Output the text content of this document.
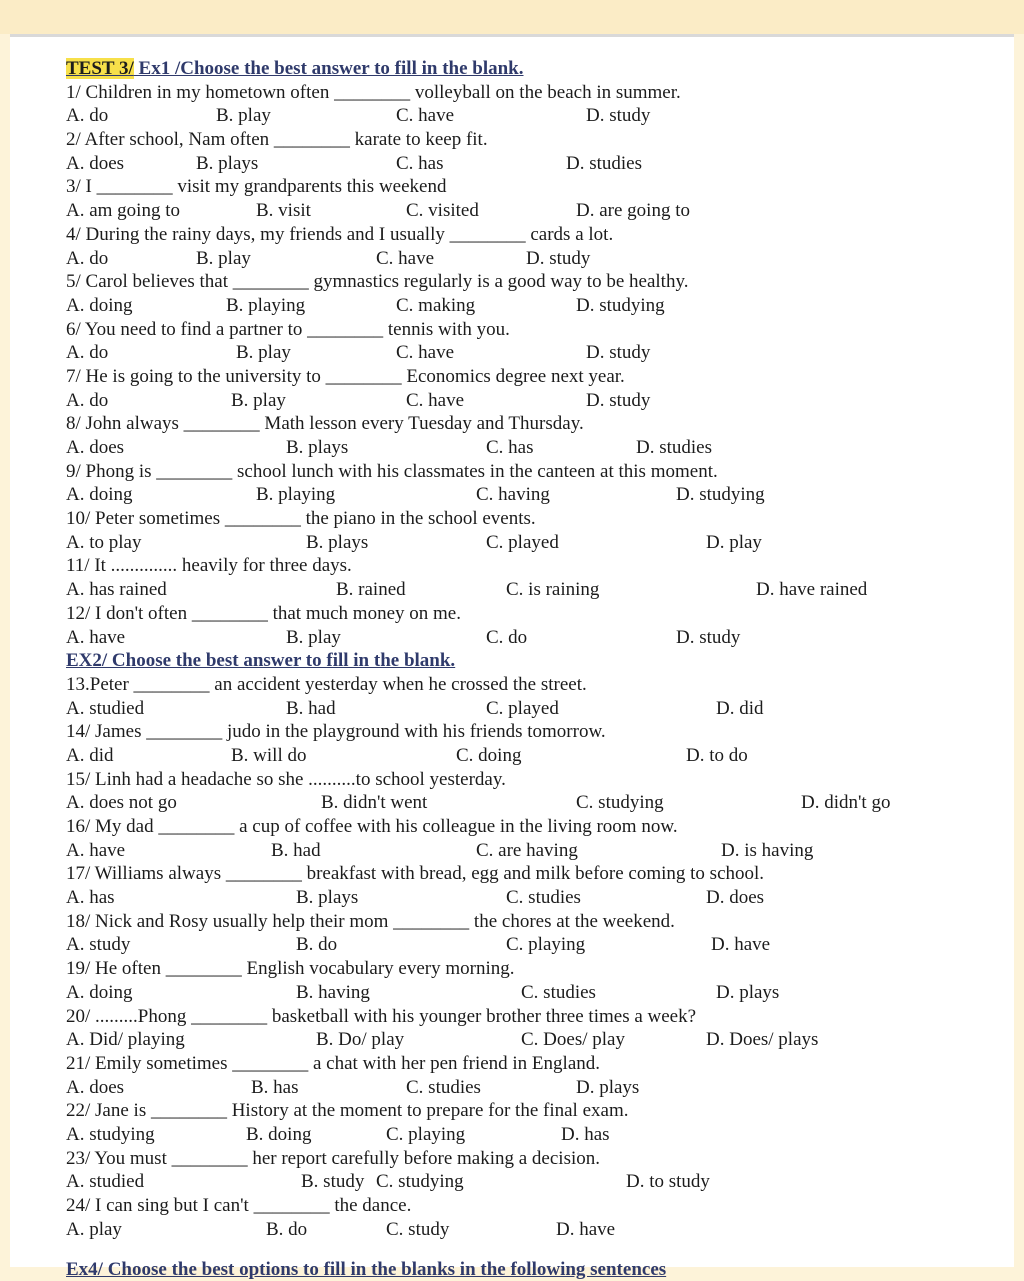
TEST 3/ Ex1 /Choose the best answer to fill in the blank.
1/ Children in my hometown often ________ volleyball on the beach in summer.
A. do	B. play	C. have	D. study
2/ After school, Nam often ________ karate to keep fit.
A. does	B. plays	C. has	D. studies
3/ I ________ visit my grandparents this weekend
A. am going to	B. visit	C. visited	D. are going to
4/ During the rainy days, my friends and I usually ________ cards a lot.
A. do	B. play	C. have	D. study
5/ Carol believes that ________ gymnastics regularly is a good way to be healthy.
A. doing	B. playing	C. making	D. studying
6/ You need to find a partner to ________ tennis with you.
A. do	B. play	C. have	D. study
7/ He is going to the university to ________ Economics degree next year.
A. do	B. play	C. have	D. study
8/ John always ________ Math lesson every Tuesday and Thursday.
A. does	B. plays	C. has	D. studies
9/ Phong is ________ school lunch with his classmates in the canteen at this moment.
A. doing	B. playing	C. having	D. studying
10/ Peter sometimes ________ the piano in the school events.
A. to play	B. plays	C. played	D. play
11/ It .............. heavily for three days.
A. has rained	B. rained	C. is raining	D. have rained
12/ I don't often ________ that much money on me.
A. have	B. play	C. do	D. study
EX2/ Choose the best answer to fill in the blank.
13.Peter ________ an accident yesterday when he crossed the street.
A. studied	B. had	C. played	D. did
14/ James ________ judo in the playground with his friends tomorrow.
A. did	B. will do	C. doing	D. to do
15/ Linh had a headache so she ..........to school yesterday.
A. does not go	B. didn't went	C. studying	D. didn't go
16/ My dad ________ a cup of coffee with his colleague in the living room now.
A. have	B. had	C. are having	D. is having
17/ Williams always ________ breakfast with bread, egg and milk before coming to school.
A. has	B. plays	C. studies	D. does
18/ Nick and Rosy usually help their mom ________ the chores at the weekend.
A. study	B. do	C. playing	D. have
19/ He often ________ English vocabulary every morning.
A. doing	B. having	C. studies	D. plays
20/ .........Phong ________ basketball with his younger brother three times a week?
A. Did/ playing	B. Do/ play	C. Does/ play	D. Does/ plays
21/ Emily sometimes ________ a chat with her pen friend in England.
A. does	B. has	C. studies	D. plays
22/ Jane is ________ History at the moment to prepare for the final exam.
A. studying	B. doing	C. playing	D. has
23/ You must ________ her report carefully before making a decision.
A. studied	B. study C. studying	D. to study
24/ I can sing but I can't ________ the dance.
A. play	B. do	C. study	D. have
Ex4/ Choose the best options to fill in the blanks in the following sentences
